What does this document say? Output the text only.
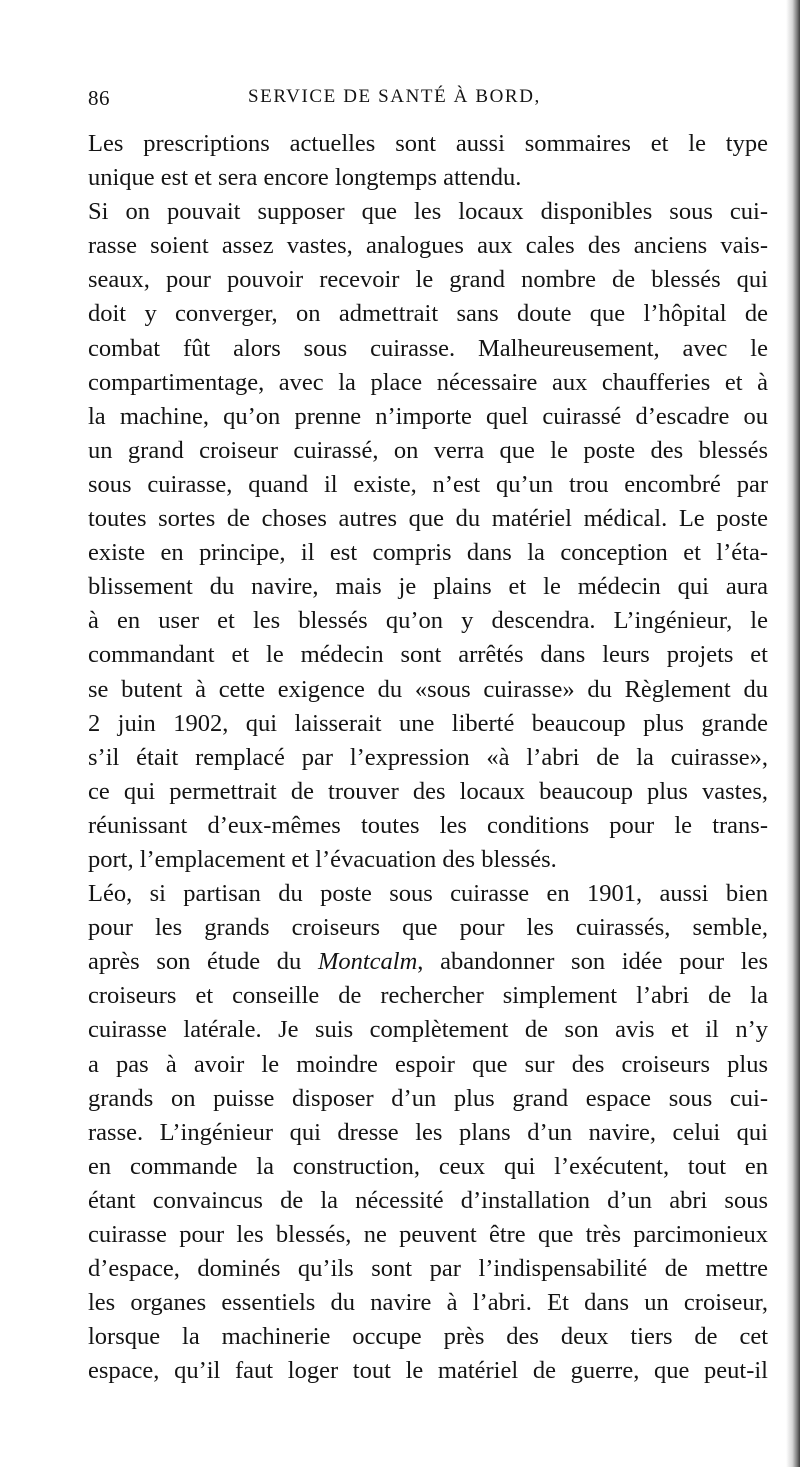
86	SERVICE DE SANTÉ À BORD,

Les prescriptions actuelles sont aussi sommaires et le type
unique est et sera encore longtemps attendu.

Si on pouvait supposer que les locaux disponibles sous cui-
rasse soient assez vastes, analogues aux cales des anciens vais-
seaux, pour pouvoir recevoir le grand nombre de blessés qui
doit y converger, on admettrait sans doute que l’hôpital de
combat fût alors sous cuirasse. Malheureusement, avec le
compartimentage, avec la place nécessaire aux chaufferies et à
la machine, qu’on prenne n’importe quel cuirassé d’escadre ou
un grand croiseur cuirassé, on verra que le poste des blessés
sous cuirasse, quand il existe, n’est qu’un trou encombré par
toutes sortes de choses autres que du matériel médical. Le poste
existe en principe, il est compris dans la conception et l’éta-
blissement du navire, mais je plains et le médecin qui aura
à en user et les blessés qu’on y descendra. L’ingénieur, le
commandant et le médecin sont arrêtés dans leurs projets et
se butent à cette exigence du «sous cuirasse» du Règlement du
2 juin 1902, qui laisserait une liberté beaucoup plus grande
s’il était remplacé par l’expression «à l’abri de la cuirasse»,
ce qui permettrait de trouver des locaux beaucoup plus vastes,
réunissant d’eux-mêmes toutes les conditions pour le trans-
port, l’emplacement et l’évacuation des blessés.

Léo, si partisan du poste sous cuirasse en 1901, aussi bien
pour les grands croiseurs que pour les cuirassés, semble,
après son étude du Montcalm, abandonner son idée pour les
croiseurs et conseille de rechercher simplement l’abri de la
cuirasse latérale. Je suis complètement de son avis et il n’y
a pas à avoir le moindre espoir que sur des croiseurs plus
grands on puisse disposer d’un plus grand espace sous cui-
rasse. L’ingénieur qui dresse les plans d’un navire, celui qui
en commande la construction, ceux qui l’exécutent, tout en
étant convaincus de la nécessité d’installation d’un abri sous
cuirasse pour les blessés, ne peuvent être que très parcimonieux
d’espace, dominés qu’ils sont par l’indispensabilité de mettre
les organes essentiels du navire à l’abri. Et dans un croiseur,
lorsque la machinerie occupe près des deux tiers de cet
espace, qu’il faut loger tout le matériel de guerre, que peut-il
